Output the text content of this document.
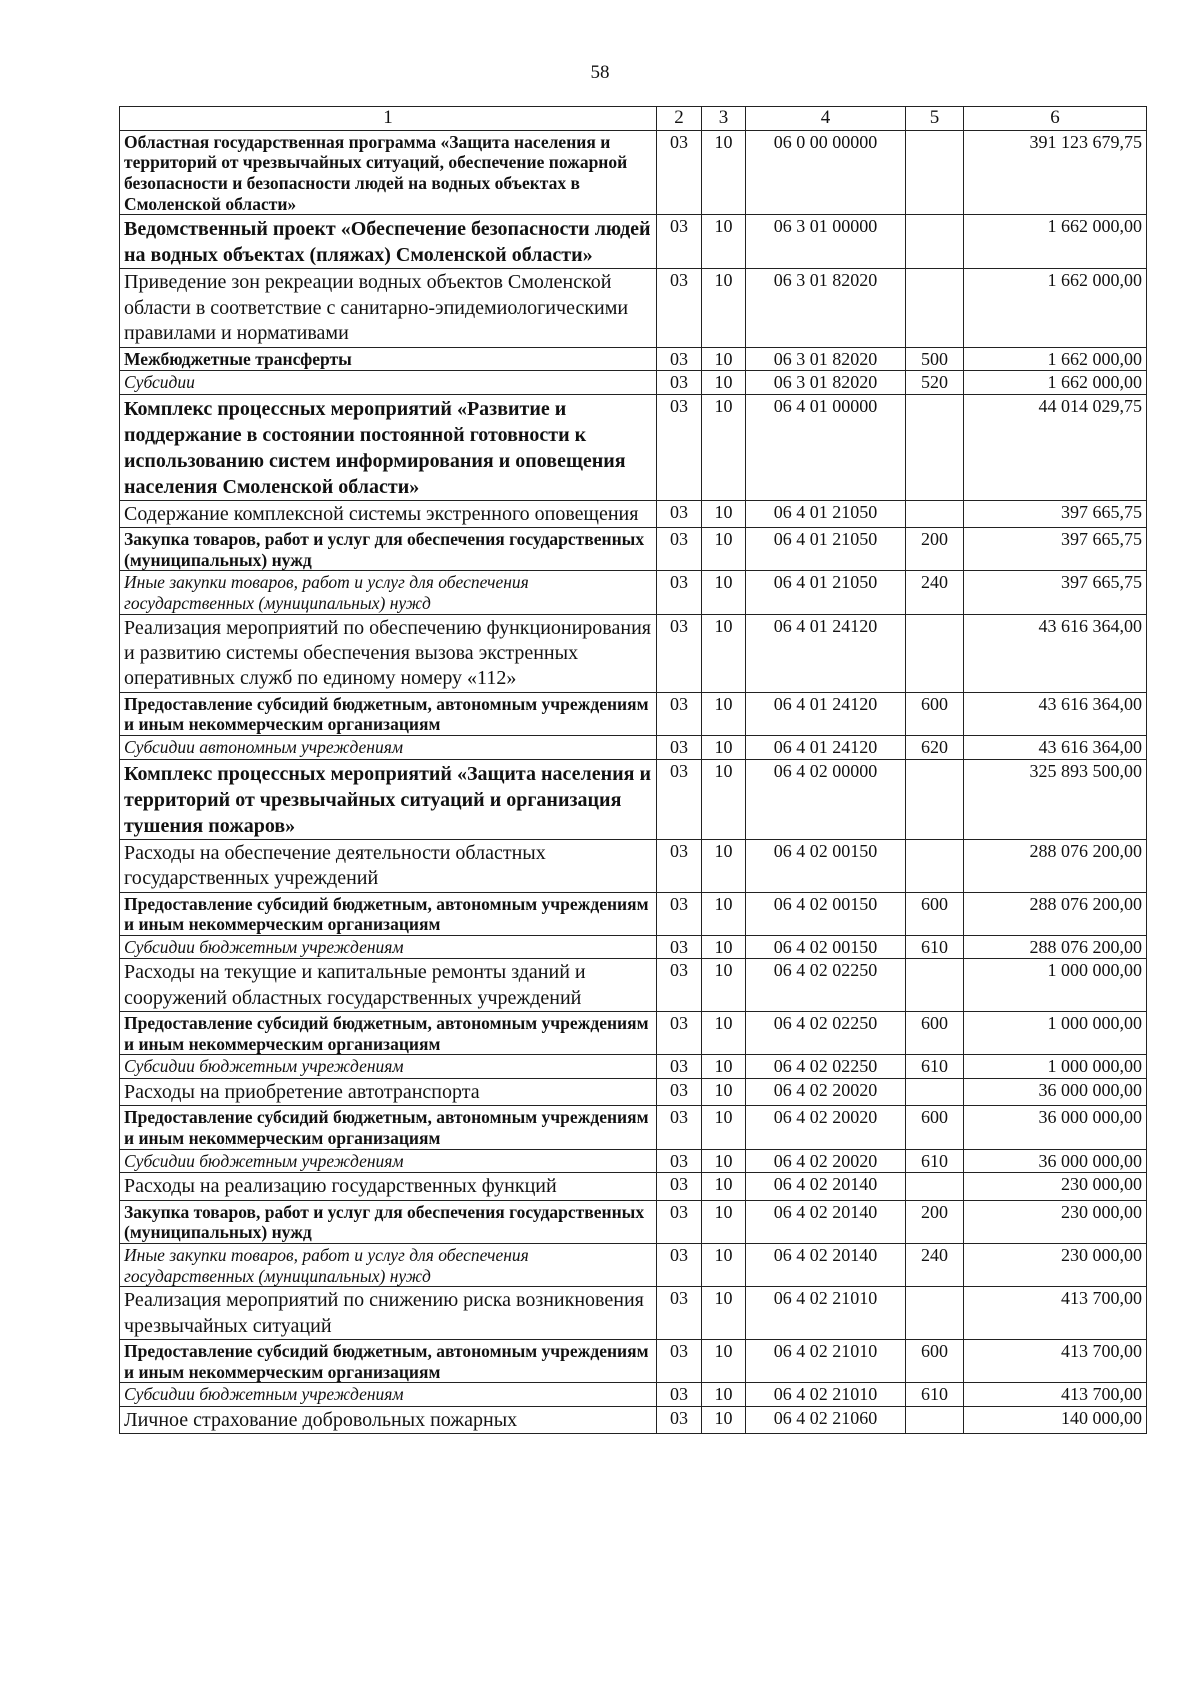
58
1	2	3	4	5	6
Областная государственная программа «Защита населения и территорий от чрезвычайных ситуаций, обеспечение пожарной безопасности и безопасности людей на водных объектах в Смоленской области»	03	10	06 0 00 00000		391 123 679,75
Ведомственный проект «Обеспечение безопасности людей на водных объектах (пляжах) Смоленской области»	03	10	06 3 01 00000		1 662 000,00
Приведение зон рекреации водных объектов Смоленской области в соответствие с санитарно-эпидемиологическими правилами и нормативами	03	10	06 3 01 82020		1 662 000,00
Межбюджетные трансферты	03	10	06 3 01 82020	500	1 662 000,00
Субсидии	03	10	06 3 01 82020	520	1 662 000,00
Комплекс процессных мероприятий «Развитие и поддержание в состоянии постоянной готовности к использованию систем информирования и оповещения населения Смоленской области»	03	10	06 4 01 00000		44 014 029,75
Содержание комплексной системы экстренного оповещения	03	10	06 4 01 21050		397 665,75
Закупка товаров, работ и услуг для обеспечения государственных (муниципальных) нужд	03	10	06 4 01 21050	200	397 665,75
Иные закупки товаров, работ и услуг для обеспечения государственных (муниципальных) нужд	03	10	06 4 01 21050	240	397 665,75
Реализация мероприятий по обеспечению функционирования и развитию системы обеспечения вызова экстренных оперативных служб по единому номеру «112»	03	10	06 4 01 24120		43 616 364,00
Предоставление субсидий бюджетным, автономным учреждениям и иным некоммерческим организациям	03	10	06 4 01 24120	600	43 616 364,00
Субсидии автономным учреждениям	03	10	06 4 01 24120	620	43 616 364,00
Комплекс процессных мероприятий «Защита населения и территорий от чрезвычайных ситуаций и организация тушения пожаров»	03	10	06 4 02 00000		325 893 500,00
Расходы на обеспечение деятельности областных государственных учреждений	03	10	06 4 02 00150		288 076 200,00
Предоставление субсидий бюджетным, автономным учреждениям и иным некоммерческим организациям	03	10	06 4 02 00150	600	288 076 200,00
Субсидии бюджетным учреждениям	03	10	06 4 02 00150	610	288 076 200,00
Расходы на текущие и капитальные ремонты зданий и сооружений областных государственных учреждений	03	10	06 4 02 02250		1 000 000,00
Предоставление субсидий бюджетным, автономным учреждениям и иным некоммерческим организациям	03	10	06 4 02 02250	600	1 000 000,00
Субсидии бюджетным учреждениям	03	10	06 4 02 02250	610	1 000 000,00
Расходы на приобретение автотранспорта	03	10	06 4 02 20020		36 000 000,00
Предоставление субсидий бюджетным, автономным учреждениям и иным некоммерческим организациям	03	10	06 4 02 20020	600	36 000 000,00
Субсидии бюджетным учреждениям	03	10	06 4 02 20020	610	36 000 000,00
Расходы на реализацию государственных функций	03	10	06 4 02 20140		230 000,00
Закупка товаров, работ и услуг для обеспечения государственных (муниципальных) нужд	03	10	06 4 02 20140	200	230 000,00
Иные закупки товаров, работ и услуг для обеспечения государственных (муниципальных) нужд	03	10	06 4 02 20140	240	230 000,00
Реализация мероприятий по снижению риска возникновения чрезвычайных ситуаций	03	10	06 4 02 21010		413 700,00
Предоставление субсидий бюджетным, автономным учреждениям и иным некоммерческим организациям	03	10	06 4 02 21010	600	413 700,00
Субсидии бюджетным учреждениям	03	10	06 4 02 21010	610	413 700,00
Личное страхование добровольных пожарных	03	10	06 4 02 21060		140 000,00
